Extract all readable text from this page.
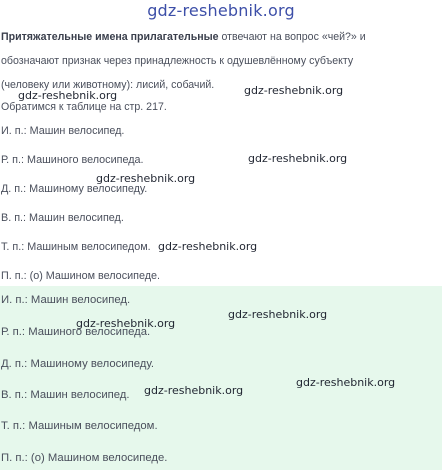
gdz-reshebnik.org
Притяжательные имена прилагательные отвечают на вопрос «чей?» и
обозначают признак через принадлежность к одушевлённому субъекту
(человеку или животному): лисий, собачий.
Обратимся к таблице на стр. 217.
И. п.: Машин велосипед.
Р. п.: Машиного велосипеда.
Д. п.: Машиному велосипеду.
В. п.: Машин велосипед.
Т. п.: Машиным велосипедом.
П. п.: (о) Машином велосипеде.
И. п.: Машин велосипед.
Р. п.: Машиного велосипеда.
Д. п.: Машиному велосипеду.
В. п.: Машин велосипед.
Т. п.: Машиным велосипедом.
П. п.: (о) Машином велосипеде.
gdz-reshebnik.org	gdz-reshebnik.org
gdz-reshebnik.org
gdz-reshebnik.org
gdz-reshebnik.org
gdz-reshebnik.org
gdz-reshebnik.org
gdz-reshebnik.org
gdz-reshebnik.org
